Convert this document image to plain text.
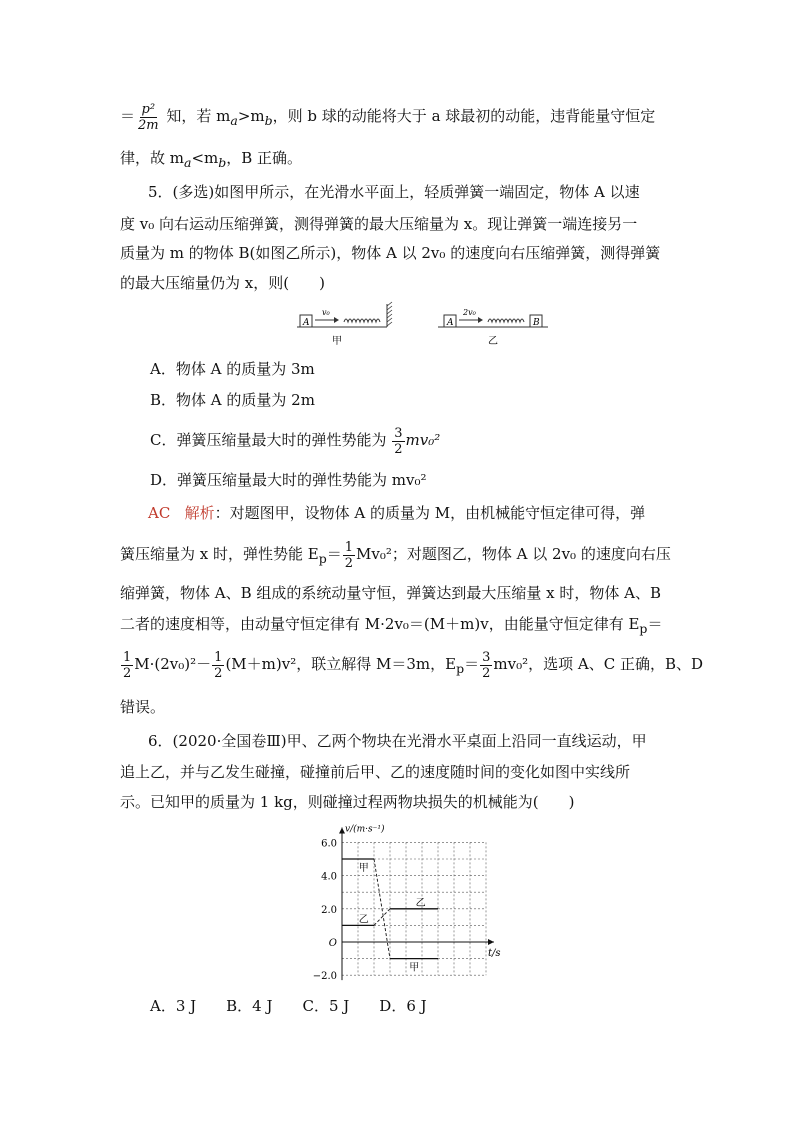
＝ $\frac{\text{p²}}{2m}$ 知，若 $m_a>m_b$，则 b 球的动能将大于 a 球最初的动能，违背能量守恒定
律，故 $m_a<m_b$，B 正确。
5．(多选)如图甲所示，在光滑水平面上，轻质弹簧一端固定，物体 A 以速
度 v₀ 向右运动压缩弹簧，测得弹簧的最大压缩量为 x。现让弹簧一端连接另一
质量为 m 的物体 B(如图乙所示)，物体 A 以 2v₀ 的速度向右压缩弹簧，测得弹簧
的最大压缩量仍为 x，则(　　)
A
v₀
甲
A
2v₀
B
乙
A．物体 A 的质量为 3m
B．物体 A 的质量为 2m
C．弹簧压缩量最大时的弹性势能为 $\frac{3}{2} mv_0^2$
D．弹簧压缩量最大时的弹性势能为 mv₀²
AC 解析：对题图甲，设物体 A 的质量为 M，由机械能守恒定律可得，弹
簧压缩量为 x 时，弹性势能 $E_p= \frac{1}{2} Mv_0^2$；对题图乙，物体 A 以 2v₀ 的速度向右压
缩弹簧，物体 A、B 组成的系统动量守恒，弹簧达到最大压缩量 x 时，物体 A、B
二者的速度相等，由动量守恒定律有 M·2v₀＝(M＋m)v，由能量守恒定律有 $E_p=$
$\frac{1}{2} M\cdot(2v_0)^2- \frac{1}{2} (M+m)v^2$，联立解得 M＝3m，$E_p= \frac{3}{2} mv_0^2$，选项 A、C 正确，B、D
错误。
6．(2020·全国卷Ⅲ)甲、乙两个物块在光滑水平桌面上沿同一直线运动，甲
追上乙，并与乙发生碰撞，碰撞前后甲、乙的速度随时间的变化如图中实线所
示。已知甲的质量为 1 kg，则碰撞过程两物块损失的机械能为(　　)
6.0
4.0
2.0
O
−2.0
v/(m·s⁻¹)
t/s
甲
甲
乙
乙
A．3 J　　B．4 J　　C．5 J　　D．6 J
